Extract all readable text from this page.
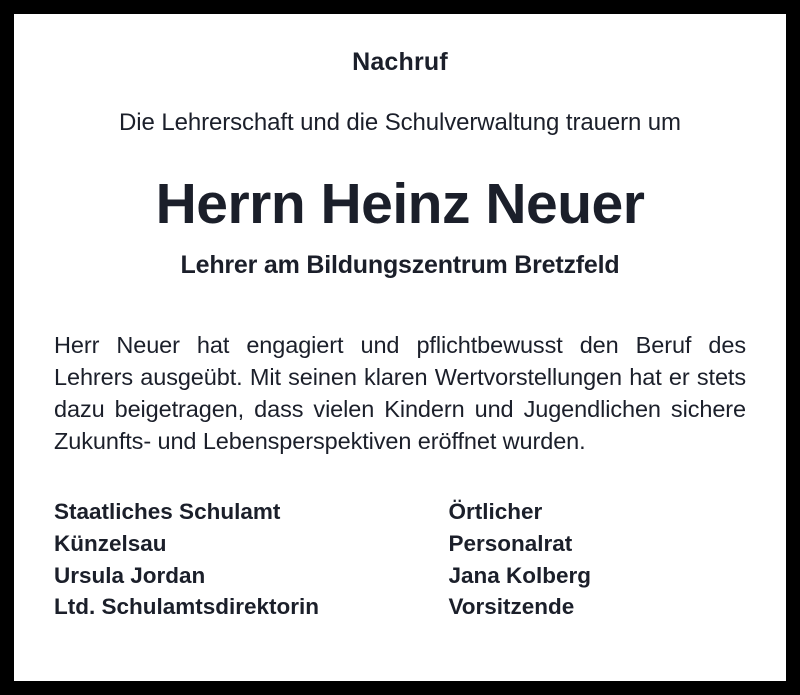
Nachruf
Die Lehrerschaft und die Schulverwaltung trauern um
Herrn Heinz Neuer
Lehrer am Bildungszentrum Bretzfeld
Herr Neuer hat engagiert und pflichtbewusst den Beruf des Lehrers ausgeübt. Mit seinen klaren Wertvorstellungen hat er stets dazu beigetragen, dass vielen Kindern und Jugendlichen sichere Zukunfts- und Lebensperspektiven eröffnet wurden.
Staatliches Schulamt
Künzelsau
Ursula Jordan
Ltd. Schulamtsdirektorin
Örtlicher
Personalrat
Jana Kolberg
Vorsitzende
